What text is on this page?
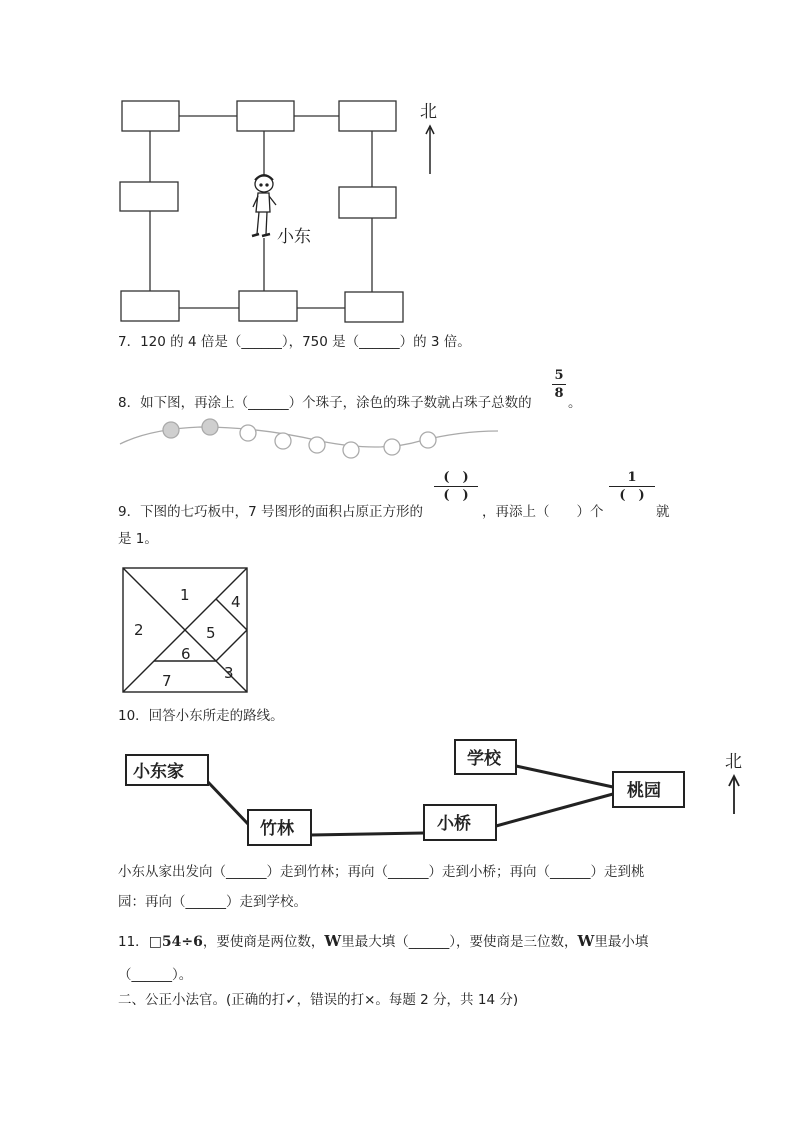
小东
北
7．120 的 4 倍是（______），750 是（______）的 3 倍。
8．如下图，再涂上（______）个珠子，涂色的珠子数就占珠子总数的
5
8
。
9．下图的七巧板中，7 号图形的面积占原正方形的
(　)
(　)
，再添上（　　）个
1
(　)
就
是 1。
1
2
3
4
5
6
7
10．回答小东所走的路线。
小东家
竹林	小桥
学校
桃园
北
小东从家出发向（______）走到竹林；再向（______）走到小桥；再向（______）走到桃
园：再向（______）走到学校。
11．□54÷6，要使商是两位数，W里最大填（______），要使商是三位数，W里最小填
（______）。
二、公正小法官。(正确的打✓，错误的打×。每题 2 分，共 14 分)
